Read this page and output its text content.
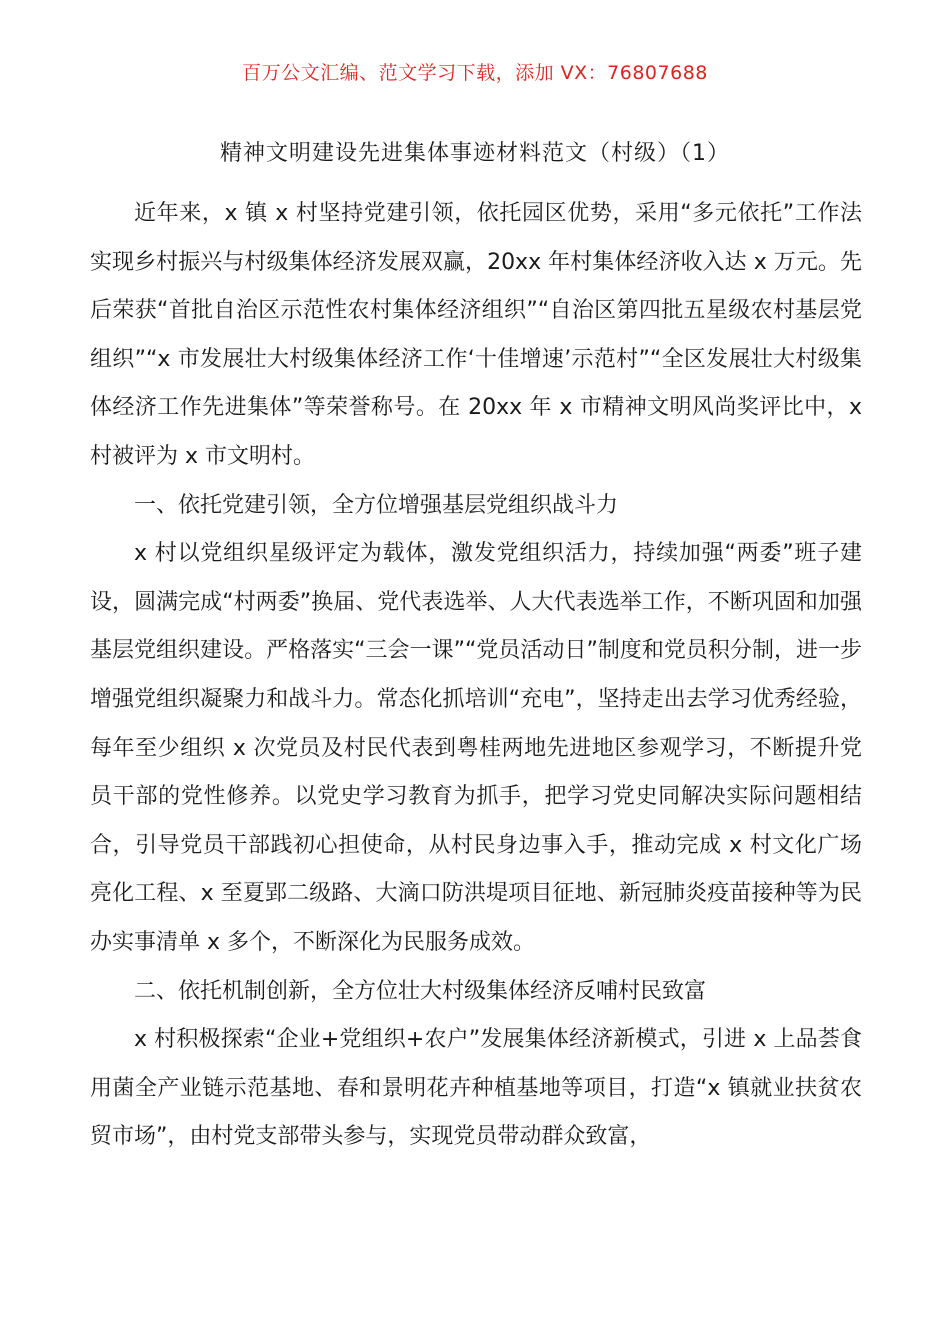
百万公文汇编、范文学习下载，添加 VX：76807688
精神文明建设先进集体事迹材料范文（村级）（1）

近年来，x 镇 x 村坚持党建引领，依托园区优势，采用“多元依托”工作法实现乡村振兴与村级集体经济发展双赢，20xx 年村集体经济收入达 x 万元。先后荣获“首批自治区示范性农村集体经济组织”“自治区第四批五星级农村基层党组织”“x 市发展壮大村级集体经济工作‘十佳增速’示范村”“全区发展壮大村级集体经济工作先进集体”等荣誉称号。在 20xx 年 x 市精神文明风尚奖评比中，x 村被评为 x 市文明村。

一、依托党建引领，全方位增强基层党组织战斗力

x 村以党组织星级评定为载体，激发党组织活力，持续加强“两委”班子建设，圆满完成“村两委”换届、党代表选举、人大代表选举工作，不断巩固和加强基层党组织建设。严格落实“三会一课”“党员活动日”制度和党员积分制，进一步增强党组织凝聚力和战斗力。常态化抓培训“充电”，坚持走出去学习优秀经验，每年至少组织 x 次党员及村民代表到粤桂两地先进地区参观学习，不断提升党员干部的党性修养。以党史学习教育为抓手，把学习党史同解决实际问题相结合，引导党员干部践初心担使命，从村民身边事入手，推动完成 x 村文化广场亮化工程、x 至夏郢二级路、大滴口防洪堤项目征地、新冠肺炎疫苗接种等为民办实事清单 x 多个，不断深化为民服务成效。

二、依托机制创新，全方位壮大村级集体经济反哺村民致富

x 村积极探索“企业+党组织+农户”发展集体经济新模式，引进 x 上品荟食用菌全产业链示范基地、春和景明花卉种植基地等项目，打造“x 镇就业扶贫农贸市场”，由村党支部带头参与，实现党员带动群众致富，
